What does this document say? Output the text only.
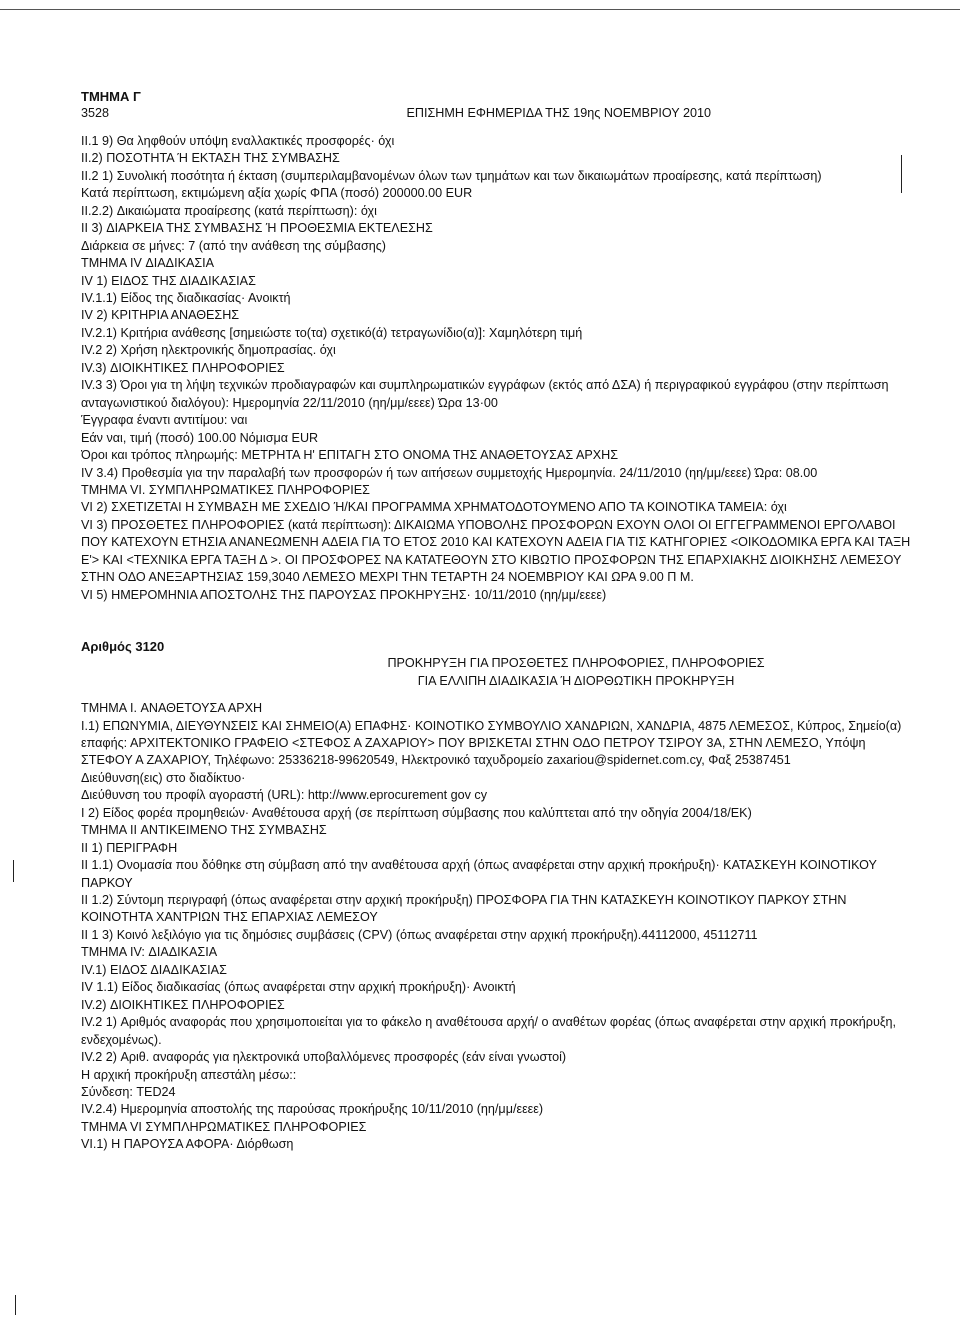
ΤΜΗΜΑ Γ
3528	ΕΠΙΣΗΜΗ ΕΦΗΜΕΡΙΔΑ ΤΗΣ 19ης ΝΟΕΜΒΡΙΟΥ 2010
II.1 9) Θα ληφθούν υπόψη εναλλακτικές προσφορές· όχι
II.2) ΠΟΣΟΤΗΤΑ Ή ΕΚΤΑΣΗ ΤΗΣ ΣΥΜΒΑΣΗΣ
II.2 1) Συνολική ποσότητα ή έκταση (συμπεριλαμβανομένων όλων των τμημάτων και των δικαιωμάτων προαίρεσης, κατά περίπτωση)
Κατά περίπτωση, εκτιμώμενη αξία χωρίς ΦΠΑ (ποσό) 200000.00 EUR
II.2.2) Δικαιώματα προαίρεσης (κατά περίπτωση): όχι
II 3) ΔΙΑΡΚΕΙΑ ΤΗΣ ΣΥΜΒΑΣΗΣ Ή ΠΡΟΘΕΣΜΙΑ ΕΚΤΕΛΕΣΗΣ
Διάρκεια σε μήνες: 7 (από την ανάθεση της σύμβασης)
ΤΜΗΜΑ IV ΔΙΑΔΙΚΑΣΙΑ
IV 1) ΕΙΔΟΣ ΤΗΣ ΔΙΑΔΙΚΑΣΙΑΣ
IV.1.1) Είδος της διαδικασίας· Ανοικτή
IV 2) ΚΡΙΤΗΡΙΑ ΑΝΑΘΕΣΗΣ
IV.2.1) Κριτήρια ανάθεσης [σημειώστε το(τα) σχετικό(ά) τετραγωνίδιο(α)]: Χαμηλότερη τιμή
IV.2 2) Χρήση ηλεκτρονικής δημοπρασίας. όχι
IV.3) ΔΙΟΙΚΗΤΙΚΕΣ ΠΛΗΡΟΦΟΡΙΕΣ
IV.3 3) Όροι για τη λήψη τεχνικών προδιαγραφών και συμπληρωματικών εγγράφων (εκτός από ΔΣΑ) ή περιγραφικού εγγράφου (στην περίπτωση ανταγωνιστικού διαλόγου): Ημερομηνία 22/11/2010 (ηη/μμ/εεεε) Ώρα 13·00
Έγγραφα έναντι αντιτίμου: ναι
Εάν ναι, τιμή (ποσό) 100.00 Νόμισμα EUR
Όροι και τρόπος πληρωμής: ΜΕΤΡΗΤΑ Η' ΕΠΙΤΑΓΗ ΣΤΟ ΟΝΟΜΑ ΤΗΣ ΑΝΑΘΕΤΟΥΣΑΣ ΑΡΧΗΣ
IV 3.4) Προθεσμία για την παραλαβή των προσφορών ή των αιτήσεων συμμετοχής Ημερομηνία. 24/11/2010 (ηη/μμ/εεεε) Ώρα: 08.00
ΤΜΗΜΑ VI. ΣΥΜΠΛΗΡΩΜΑΤΙΚΕΣ ΠΛΗΡΟΦΟΡΙΕΣ
VI 2) ΣΧΕΤΙΖΕΤΑΙ Η ΣΥΜΒΑΣΗ ΜΕ ΣΧΕΔΙΟ Ή/ΚΑΙ ΠΡΟΓΡΑΜΜΑ ΧΡΗΜΑΤΟΔΟΤΟΥΜΕΝΟ ΑΠΟ ΤΑ ΚΟΙΝΟΤΙΚΑ ΤΑΜΕΙΑ: όχι
VI 3) ΠΡΟΣΘΕΤΕΣ ΠΛΗΡΟΦΟΡΙΕΣ (κατά περίπτωση): ΔΙΚΑΙΩΜΑ ΥΠΟΒΟΛΗΣ ΠΡΟΣΦΟΡΩΝ ΕΧΟΥΝ ΟΛΟΙ ΟΙ ΕΓΓΕΓΡΑΜΜΕΝΟΙ ΕΡΓΟΛΑΒΟΙ ΠΟΥ ΚΑΤΕΧΟΥΝ ΕΤΗΣΙΑ ΑΝΑΝΕΩΜΕΝΗ ΑΔΕΙΑ ΓΙΑ ΤΟ ΕΤΟΣ 2010 ΚΑΙ ΚΑΤΕΧΟΥΝ ΑΔΕΙΑ ΓΙΑ ΤΙΣ ΚΑΤΗΓΟΡΙΕΣ <ΟΙΚΟΔΟΜΙΚΑ ΕΡΓΑ ΚΑΙ ΤΑΞΗ Ε'> ΚΑΙ <ΤΕΧΝΙΚΑ ΕΡΓΑ ΤΑΞΗ Δ >. ΟΙ ΠΡΟΣΦΟΡΕΣ ΝΑ ΚΑΤΑΤΕΘΟΥΝ ΣΤΟ ΚΙΒΩΤΙΟ ΠΡΟΣΦΟΡΩΝ ΤΗΣ ΕΠΑΡΧΙΑΚΗΣ ΔΙΟΙΚΗΣΗΣ ΛΕΜΕΣΟΥ ΣΤΗΝ ΟΔΟ ΑΝΕΞΑΡΤΗΣΙΑΣ 159,3040 ΛΕΜΕΣΟ ΜΕΧΡΙ ΤΗΝ ΤΕΤΑΡΤΗ 24 ΝΟΕΜΒΡΙΟΥ ΚΑΙ ΩΡΑ 9.00 Π Μ.
VI 5) ΗΜΕΡΟΜΗΝΙΑ ΑΠΟΣΤΟΛΗΣ ΤΗΣ ΠΑΡΟΥΣΑΣ ΠΡΟΚΗΡΥΞΗΣ· 10/11/2010 (ηη/μμ/εεεε)
Αριθμός 3120
ΠΡΟΚΗΡΥΞΗ ΓΙΑ ΠΡΟΣΘΕΤΕΣ ΠΛΗΡΟΦΟΡΙΕΣ, ΠΛΗΡΟΦΟΡΙΕΣ
ΓΙΑ ΕΛΛΙΠΗ ΔΙΑΔΙΚΑΣΙΑ Ή ΔΙΟΡΘΩΤΙΚΗ ΠΡΟΚΗΡΥΞΗ
ΤΜΗΜΑ I. ΑΝΑΘΕΤΟΥΣΑ ΑΡΧΗ
I.1) ΕΠΩΝΥΜΙΑ, ΔΙΕΥΘΥΝΣΕΙΣ ΚΑΙ ΣΗΜΕΙΟ(Α) ΕΠΑΦΗΣ· ΚΟΙΝΟΤΙΚΟ ΣΥΜΒΟΥΛΙΟ ΧΑΝΔΡΙΩΝ, ΧΑΝΔΡΙΑ, 4875 ΛΕΜΕΣΟΣ, Κύπρος, Σημείο(α) επαφής: ΑΡΧΙΤΕΚΤΟΝΙΚΟ ΓΡΑΦΕΙΟ <ΣΤΕΦΟΣ Α ΖΑΧΑΡΙΟΥ> ΠΟΥ ΒΡΙΣΚΕΤΑΙ ΣΤΗΝ ΟΔΟ ΠΕΤΡΟΥ ΤΣΙΡΟΥ 3Α, ΣΤΗΝ ΛΕΜΕΣΟ, Υπόψη ΣΤΕΦΟΥ Α ΖΑΧΑΡΙΟΥ, Τηλέφωνο: 25336218-99620549, Ηλεκτρονικό ταχυδρομείο zaxariou@spidernet.com.cy, Φαξ 25387451
Διεύθυνση(εις) στο διαδίκτυο·
Διεύθυνση του προφίλ αγοραστή (URL): http://www.eprocurement gov cy
I 2) Είδος φορέα προμηθειών· Αναθέτουσα αρχή (σε περίπτωση σύμβασης που καλύπτεται από την οδηγία 2004/18/ΕΚ)
ΤΜΗΜΑ II ΑΝΤΙΚΕΙΜΕΝΟ ΤΗΣ ΣΥΜΒΑΣΗΣ
II 1) ΠΕΡΙΓΡΑΦΗ
II 1.1) Ονομασία που δόθηκε στη σύμβαση από την αναθέτουσα αρχή (όπως αναφέρεται στην αρχική προκήρυξη)· ΚΑΤΑΣΚΕΥΗ ΚΟΙΝΟΤΙΚΟΥ ΠΑΡΚΟΥ
II 1.2) Σύντομη περιγραφή (όπως αναφέρεται στην αρχική προκήρυξη) ΠΡΟΣΦΟΡΑ ΓΙΑ ΤΗΝ ΚΑΤΑΣΚΕΥΗ ΚΟΙΝΟΤΙΚΟΥ ΠΑΡΚΟΥ ΣΤΗΝ ΚΟΙΝΟΤΗΤΑ ΧΑΝΤΡΙΩΝ ΤΗΣ ΕΠΑΡΧΙΑΣ ΛΕΜΕΣΟΥ
II 1 3) Κοινό λεξιλόγιο για τις δημόσιες συμβάσεις (CPV) (όπως αναφέρεται στην αρχική προκήρυξη).44112000, 45112711
ΤΜΗΜΑ IV: ΔΙΑΔΙΚΑΣΙΑ
IV.1) ΕΙΔΟΣ ΔΙΑΔΙΚΑΣΙΑΣ
IV 1.1) Είδος διαδικασίας (όπως αναφέρεται στην αρχική προκήρυξη)· Ανοικτή
IV.2) ΔΙΟΙΚΗΤΙΚΕΣ ΠΛΗΡΟΦΟΡΙΕΣ
IV.2 1) Αριθμός αναφοράς που χρησιμοποιείται για το φάκελο η αναθέτουσα αρχή/ ο αναθέτων φορέας (όπως αναφέρεται στην αρχική προκήρυξη, ενδεχομένως).
IV.2 2) Αριθ. αναφοράς για ηλεκτρονικά υποβαλλόμενες προσφορές (εάν είναι γνωστοί)
Η αρχική προκήρυξη απεστάλη μέσω::
Σύνδεση: TED24
IV.2.4) Ημερομηνία αποστολής της παρούσας προκήρυξης 10/11/2010 (ηη/μμ/εεεε)
ΤΜΗΜΑ VI ΣΥΜΠΛΗΡΩΜΑΤΙΚΕΣ ΠΛΗΡΟΦΟΡΙΕΣ
VI.1) Η ΠΑΡΟΥΣΑ ΑΦΟΡΑ· Διόρθωση
